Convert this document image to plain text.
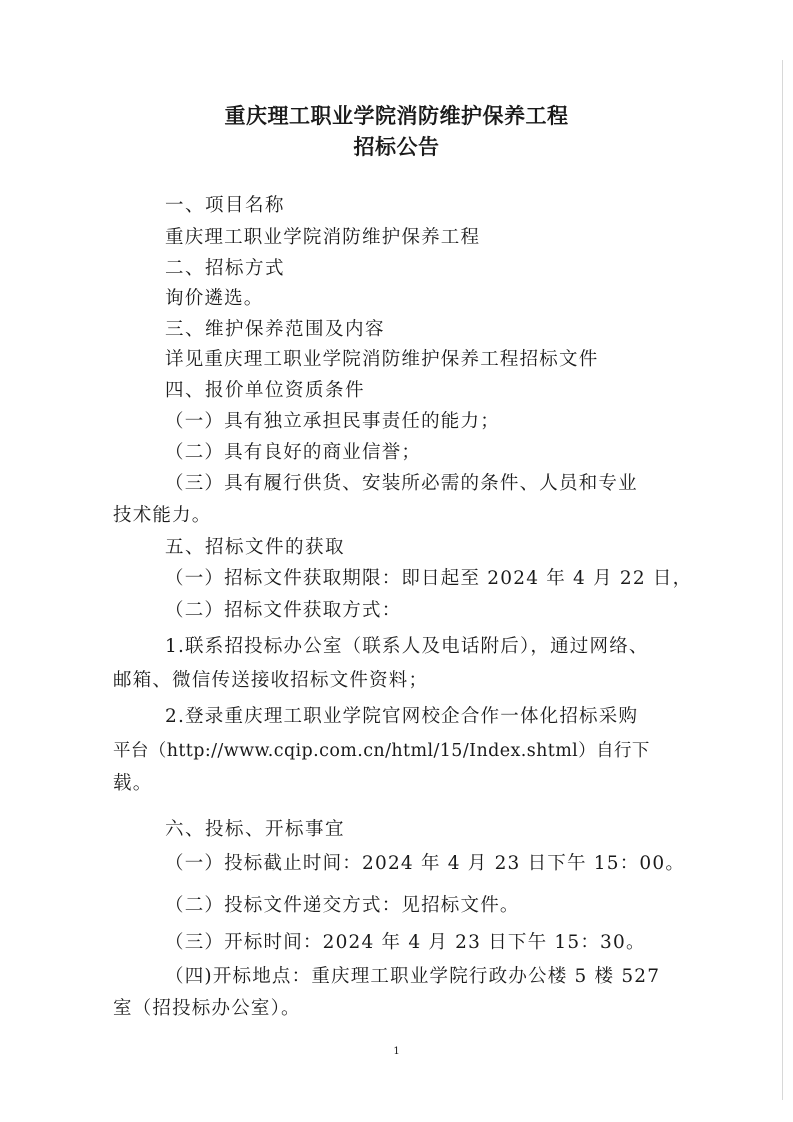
重庆理工职业学院消防维护保养工程
招标公告
一、项目名称
重庆理工职业学院消防维护保养工程
二、招标方式
询价遴选。
三、维护保养范围及内容
详见重庆理工职业学院消防维护保养工程招标文件
四、报价单位资质条件
（一）具有独立承担民事责任的能力；
（二）具有良好的商业信誉；
（三）具有履行供货、安装所必需的条件、人员和专业
技术能力。
五、招标文件的获取
（一）招标文件获取期限：即日起至 2024 年 4 月 22 日，
（二）招标文件获取方式：
1.联系招投标办公室（联系人及电话附后），通过网络、
邮箱、微信传送接收招标文件资料；
2.登录重庆理工职业学院官网校企合作一体化招标采购
平台（http://www.cqip.com.cn/html/15/Index.shtml）自行下
载。
六、投标、开标事宜
（一）投标截止时间：2024 年 4 月 23 日下午 15：00。
（二）投标文件递交方式：见招标文件。
（三）开标时间：2024 年 4 月 23 日下午 15：30。
（四)开标地点：重庆理工职业学院行政办公楼 5 楼 527
室（招投标办公室）。
1
